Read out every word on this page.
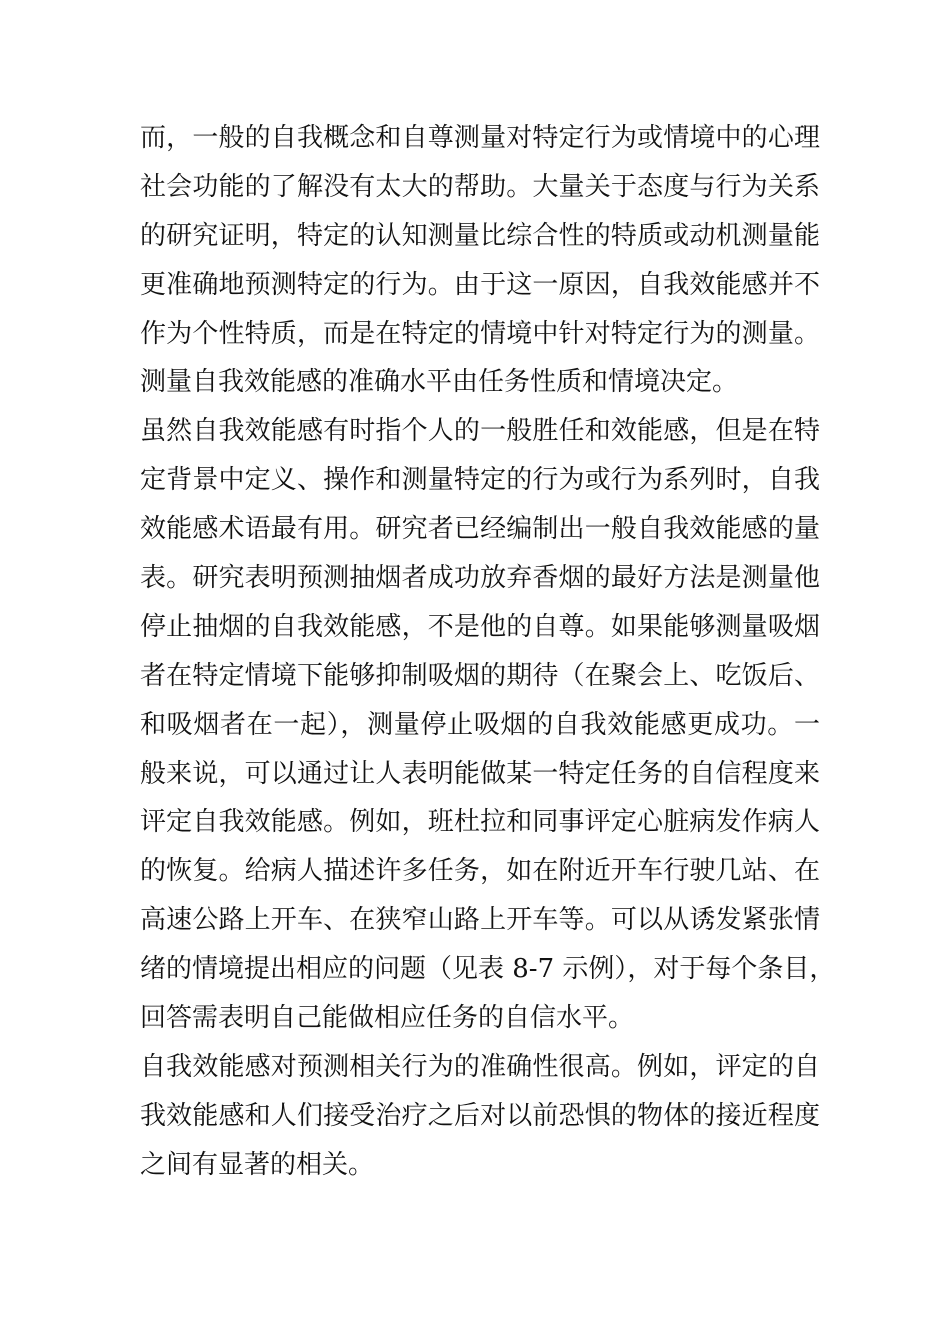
而，一般的自我概念和自尊测量对特定行为或情境中的心理
社会功能的了解没有太大的帮助。大量关于态度与行为关系
的研究证明，特定的认知测量比综合性的特质或动机测量能
更准确地预测特定的行为。由于这一原因，自我效能感并不
作为个性特质，而是在特定的情境中针对特定行为的测量。
测量自我效能感的准确水平由任务性质和情境决定。
虽然自我效能感有时指个人的一般胜任和效能感，但是在特
定背景中定义、操作和测量特定的行为或行为系列时，自我
效能感术语最有用。研究者已经编制出一般自我效能感的量
表。研究表明预测抽烟者成功放弃香烟的最好方法是测量他
停止抽烟的自我效能感，不是他的自尊。如果能够测量吸烟
者在特定情境下能够抑制吸烟的期待（在聚会上、吃饭后、
和吸烟者在一起），测量停止吸烟的自我效能感更成功。一
般来说，可以通过让人表明能做某一特定任务的自信程度来
评定自我效能感。例如，班杜拉和同事评定心脏病发作病人
的恢复。给病人描述许多任务，如在附近开车行驶几站、在
高速公路上开车、在狭窄山路上开车等。可以从诱发紧张情
绪的情境提出相应的问题（见表 8-7 示例），对于每个条目，
回答需表明自己能做相应任务的自信水平。
自我效能感对预测相关行为的准确性很高。例如，评定的自
我效能感和人们接受治疗之后对以前恐惧的物体的接近程度
之间有显著的相关。
